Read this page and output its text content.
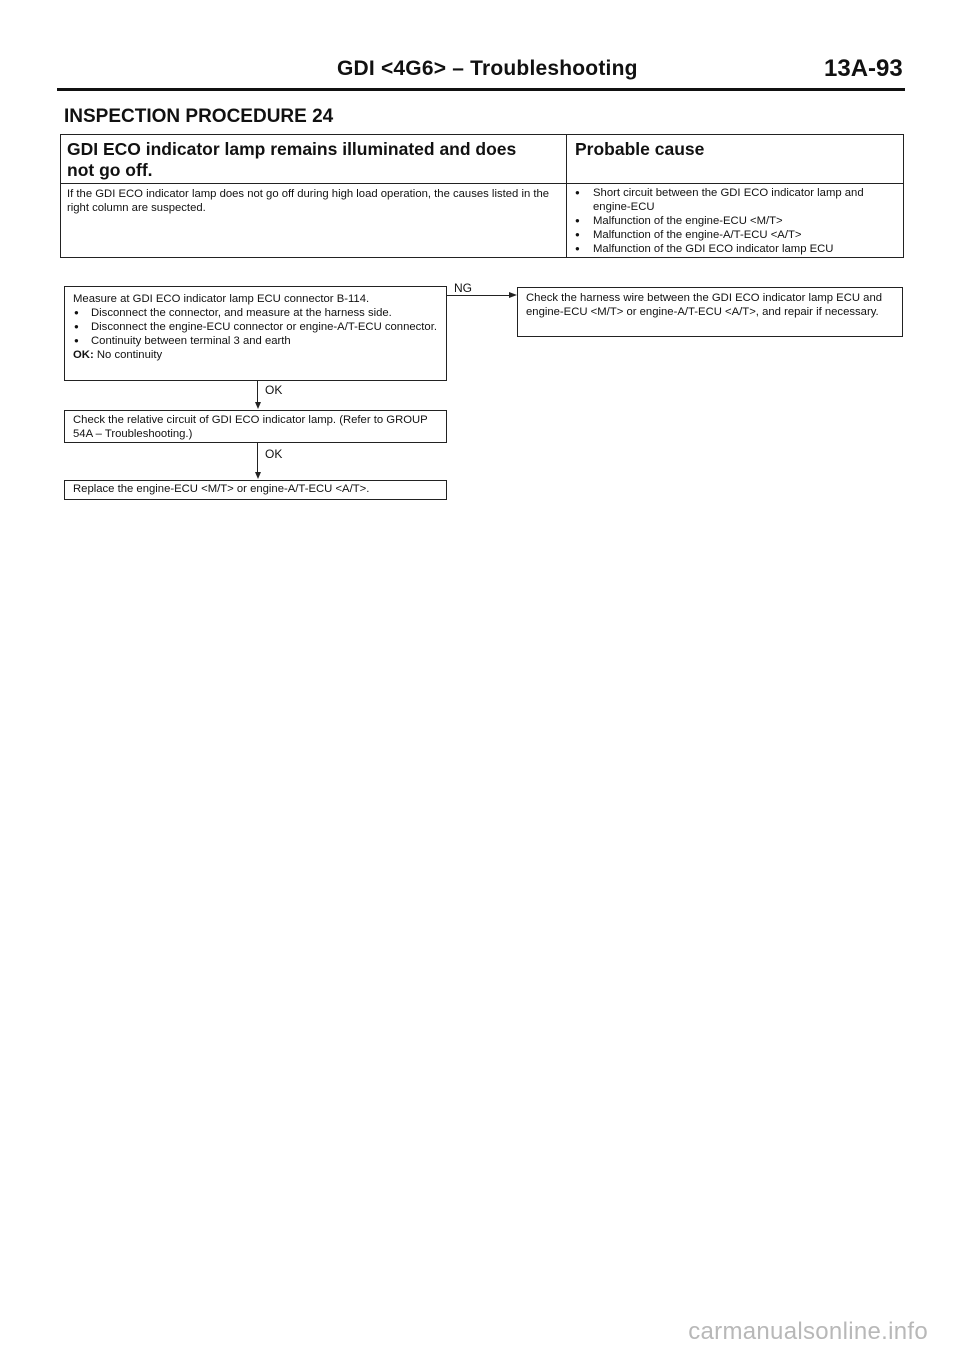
GDI <4G6> – Troubleshooting	13A-93
INSPECTION PROCEDURE 24
GDI ECO indicator lamp remains illuminated and does not go off.
Probable cause
If the GDI ECO indicator lamp does not go off during high load operation, the causes listed in the right column are suspected.
● Short circuit between the GDI ECO indicator lamp and engine-ECU
● Malfunction of the engine-ECU <M/T>
● Malfunction of the engine-A/T-ECU <A/T>
● Malfunction of the GDI ECO indicator lamp ECU
Measure at GDI ECO indicator lamp ECU connector B-114.
● Disconnect the connector, and measure at the harness side.
● Disconnect the engine-ECU connector or engine-A/T-ECU connector.
● Continuity between terminal 3 and earth
OK: No continuity
NG
Check the harness wire between the GDI ECO indicator lamp ECU and engine-ECU <M/T> or engine-A/T-ECU <A/T>, and repair if necessary.
OK
Check the relative circuit of GDI ECO indicator lamp. (Refer to GROUP 54A – Troubleshooting.)
OK
Replace the engine-ECU <M/T> or engine-A/T-ECU <A/T>.
carmanualsonline.info
